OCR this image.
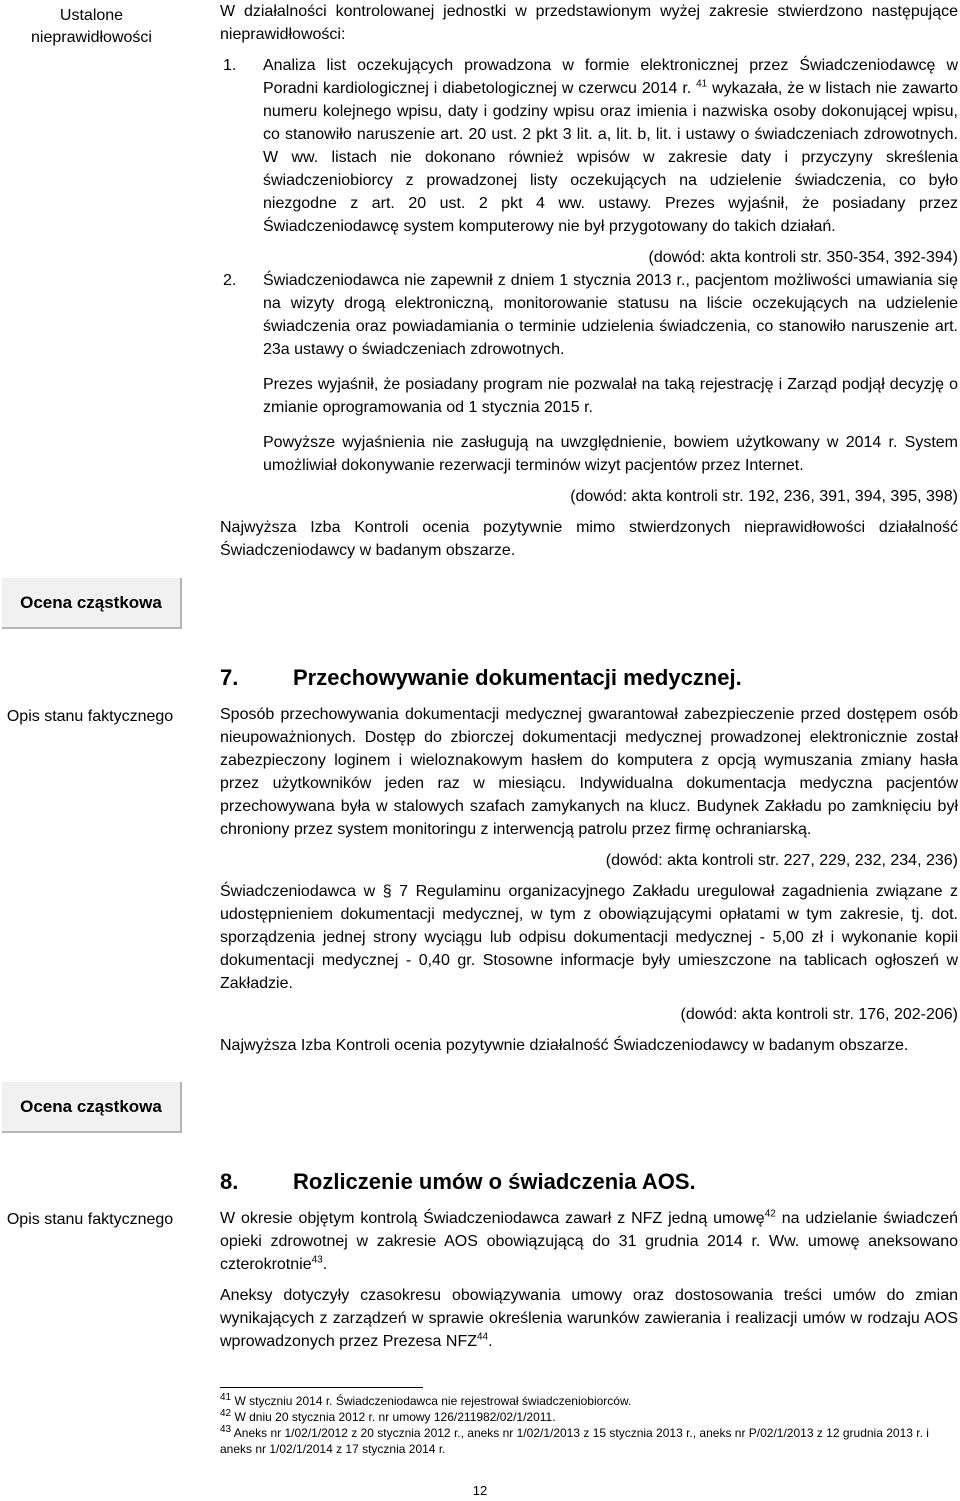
Ustalone
nieprawidłowości
Ocena cząstkowa
Opis stanu faktycznego
Ocena cząstkowa
Opis stanu faktycznego

W działalności kontrolowanej jednostki w przedstawionym wyżej zakresie stwierdzono następujące nieprawidłowości:

1. Analiza list oczekujących prowadzona w formie elektronicznej przez Świadczeniodawcę w Poradni kardiologicznej i diabetologicznej w czerwcu 2014 r. $^{41}$ wykazała, że w listach nie zawarto numeru kolejnego wpisu, daty i godziny wpisu oraz imienia i nazwiska osoby dokonującej wpisu, co stanowiło naruszenie art. 20 ust. 2 pkt 3 lit. a, lit. b, lit. i ustawy o świadczeniach zdrowotnych. W ww. listach nie dokonano również wpisów w zakresie daty i przyczyny skreślenia świadczeniobiorcy z prowadzonej listy oczekujących na udzielenie świadczenia, co było niezgodne z art. 20 ust. 2 pkt 4 ww. ustawy. Prezes wyjaśnił, że posiadany przez Świadczeniodawcę system komputerowy nie był przygotowany do takich działań.

(dowód: akta kontroli str. 350-354, 392-394)

2. Świadczeniodawca nie zapewnił z dniem 1 stycznia 2013 r., pacjentom możliwości umawiania się na wizyty drogą elektroniczną, monitorowanie statusu na liście oczekujących na udzielenie świadczenia oraz powiadamiania o terminie udzielenia świadczenia, co stanowiło naruszenie art. 23a ustawy o świadczeniach zdrowotnych.

Prezes wyjaśnił, że posiadany program nie pozwalał na taką rejestrację i Zarząd podjął decyzję o zmianie oprogramowania od 1 stycznia 2015 r.

Powyższe wyjaśnienia nie zasługują na uwzględnienie, bowiem użytkowany w 2014 r. System umożliwiał dokonywanie rezerwacji terminów wizyt pacjentów przez Internet.

(dowód: akta kontroli str. 192, 236, 391, 394, 395, 398)

Najwyższa Izba Kontroli ocenia pozytywnie mimo stwierdzonych nieprawidłowości działalność Świadczeniodawcy w badanym obszarze.

7. Przechowywanie dokumentacji medycznej.

Sposób przechowywania dokumentacji medycznej gwarantował zabezpieczenie przed dostępem osób nieupoważnionych. Dostęp do zbiorczej dokumentacji medycznej prowadzonej elektronicznie został zabezpieczony loginem i wieloznakowym hasłem do komputera z opcją wymuszania zmiany hasła przez użytkowników jeden raz w miesiącu. Indywidualna dokumentacja medyczna pacjentów przechowywana była w stalowych szafach zamykanych na klucz. Budynek Zakładu po zamknięciu był chroniony przez system monitoringu z interwencją patrolu przez firmę ochraniarską.

(dowód: akta kontroli str. 227, 229, 232, 234, 236)

Świadczeniodawca w § 7 Regulaminu organizacyjnego Zakładu uregulował zagadnienia związane z udostępnieniem dokumentacji medycznej, w tym z obowiązującymi opłatami w tym zakresie, tj. dot. sporządzenia jednej strony wyciągu lub odpisu dokumentacji medycznej - 5,00 zł i wykonanie kopii dokumentacji medycznej - 0,40 gr. Stosowne informacje były umieszczone na tablicach ogłoszeń w Zakładzie.

(dowód: akta kontroli str. 176, 202-206)

Najwyższa Izba Kontroli ocenia pozytywnie działalność Świadczeniodawcy w badanym obszarze.

8. Rozliczenie umów o świadczenia AOS.

W okresie objętym kontrolą Świadczeniodawca zawarł z NFZ jedną umowę$^{42}$ na udzielanie świadczeń opieki zdrowotnej w zakresie AOS obowiązującą do 31 grudnia 2014 r. Ww. umowę aneksowano czterokrotnie$^{43}$.

Aneksy dotyczyły czasokresu obowiązywania umowy oraz dostosowania treści umów do zmian wynikających z zarządzeń w sprawie określenia warunków zawierania i realizacji umów w rodzaju AOS wprowadzonych przez Prezesa NFZ$^{44}$.

$^{41}$ W styczniu 2014 r. Świadczeniodawca nie rejestrował świadczeniobiorców.

$^{42}$ W dniu 20 stycznia 2012 r. nr umowy 126/211982/02/1/2011.

$^{43}$ Aneks nr 1/02/1/2012 z 20 stycznia 2012 r., aneks nr 1/02/1/2013 z 15 stycznia 2013 r., aneks nr P/02/1/2013 z 12 grudnia 2013 r. i aneks nr 1/02/1/2014 z 17 stycznia 2014 r.

12
